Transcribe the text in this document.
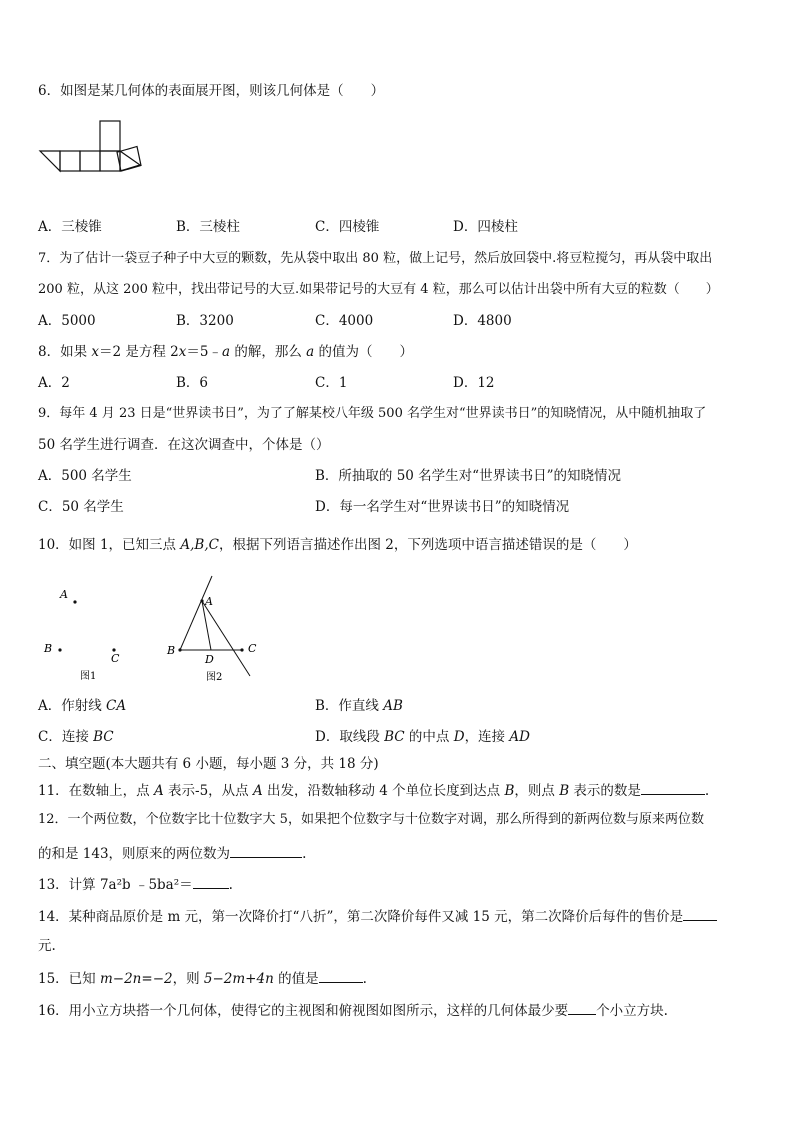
6．如图是某几何体的表面展开图，则该几何体是（　　）
A．三棱锥	B．三棱柱	C．四棱锥	D．四棱柱
7．为了估计一袋豆子种子中大豆的颗数，先从袋中取出 80 粒，做上记号，然后放回袋中.将豆粒搅匀，再从袋中取出
200 粒，从这 200 粒中，找出带记号的大豆.如果带记号的大豆有 4 粒，那么可以估计出袋中所有大豆的粒数（　　）
A．5000	B．3200	C．4000	D．4800
8．如果 x＝2 是方程 2x＝5﹣a 的解，那么 a 的值为（　　）
A．2	B．6	C．1	D．12
9．每年 4 月 23 日是“世界读书日”，为了了解某校八年级 500 名学生对“世界读书日”的知晓情况，从中随机抽取了
50 名学生进行调查．在这次调查中，个体是（）
A．500 名学生	B．所抽取的 50 名学生对“世界读书日”的知晓情况
C．50 名学生	D．每一名学生对“世界读书日”的知晓情况
10．如图 1，已知三点 A,B,C，根据下列语言描述作出图 2，下列选项中语言描述错误的是（　　）
A
B
C
图1
A
B	C
D
图2
A．作射线 CA	B．作直线 AB
C．连接 BC	D．取线段 BC 的中点 D，连接 AD
二、填空题(本大题共有 6 小题，每小题 3 分，共 18 分)
11．在数轴上，点 A 表示-5，从点 A 出发，沿数轴移动 4 个单位长度到达点 B，则点 B 表示的数是	.
12．一个两位数，个位数字比十位数字大 5，如果把个位数字与十位数字对调，那么所得到的新两位数与原来两位数
的和是 143，则原来的两位数为	.
13．计算 7a²b ﹣5ba²＝	.
14．某种商品原价是 m 元，第一次降价打“八折”，第二次降价每件又减 15 元，第二次降价后每件的售价是
元.
15．已知 m−2n=−2，则 5−2m+4n 的值是	.
16．用小立方块搭一个几何体，使得它的主视图和俯视图如图所示，这样的几何体最少要 个小立方块.
